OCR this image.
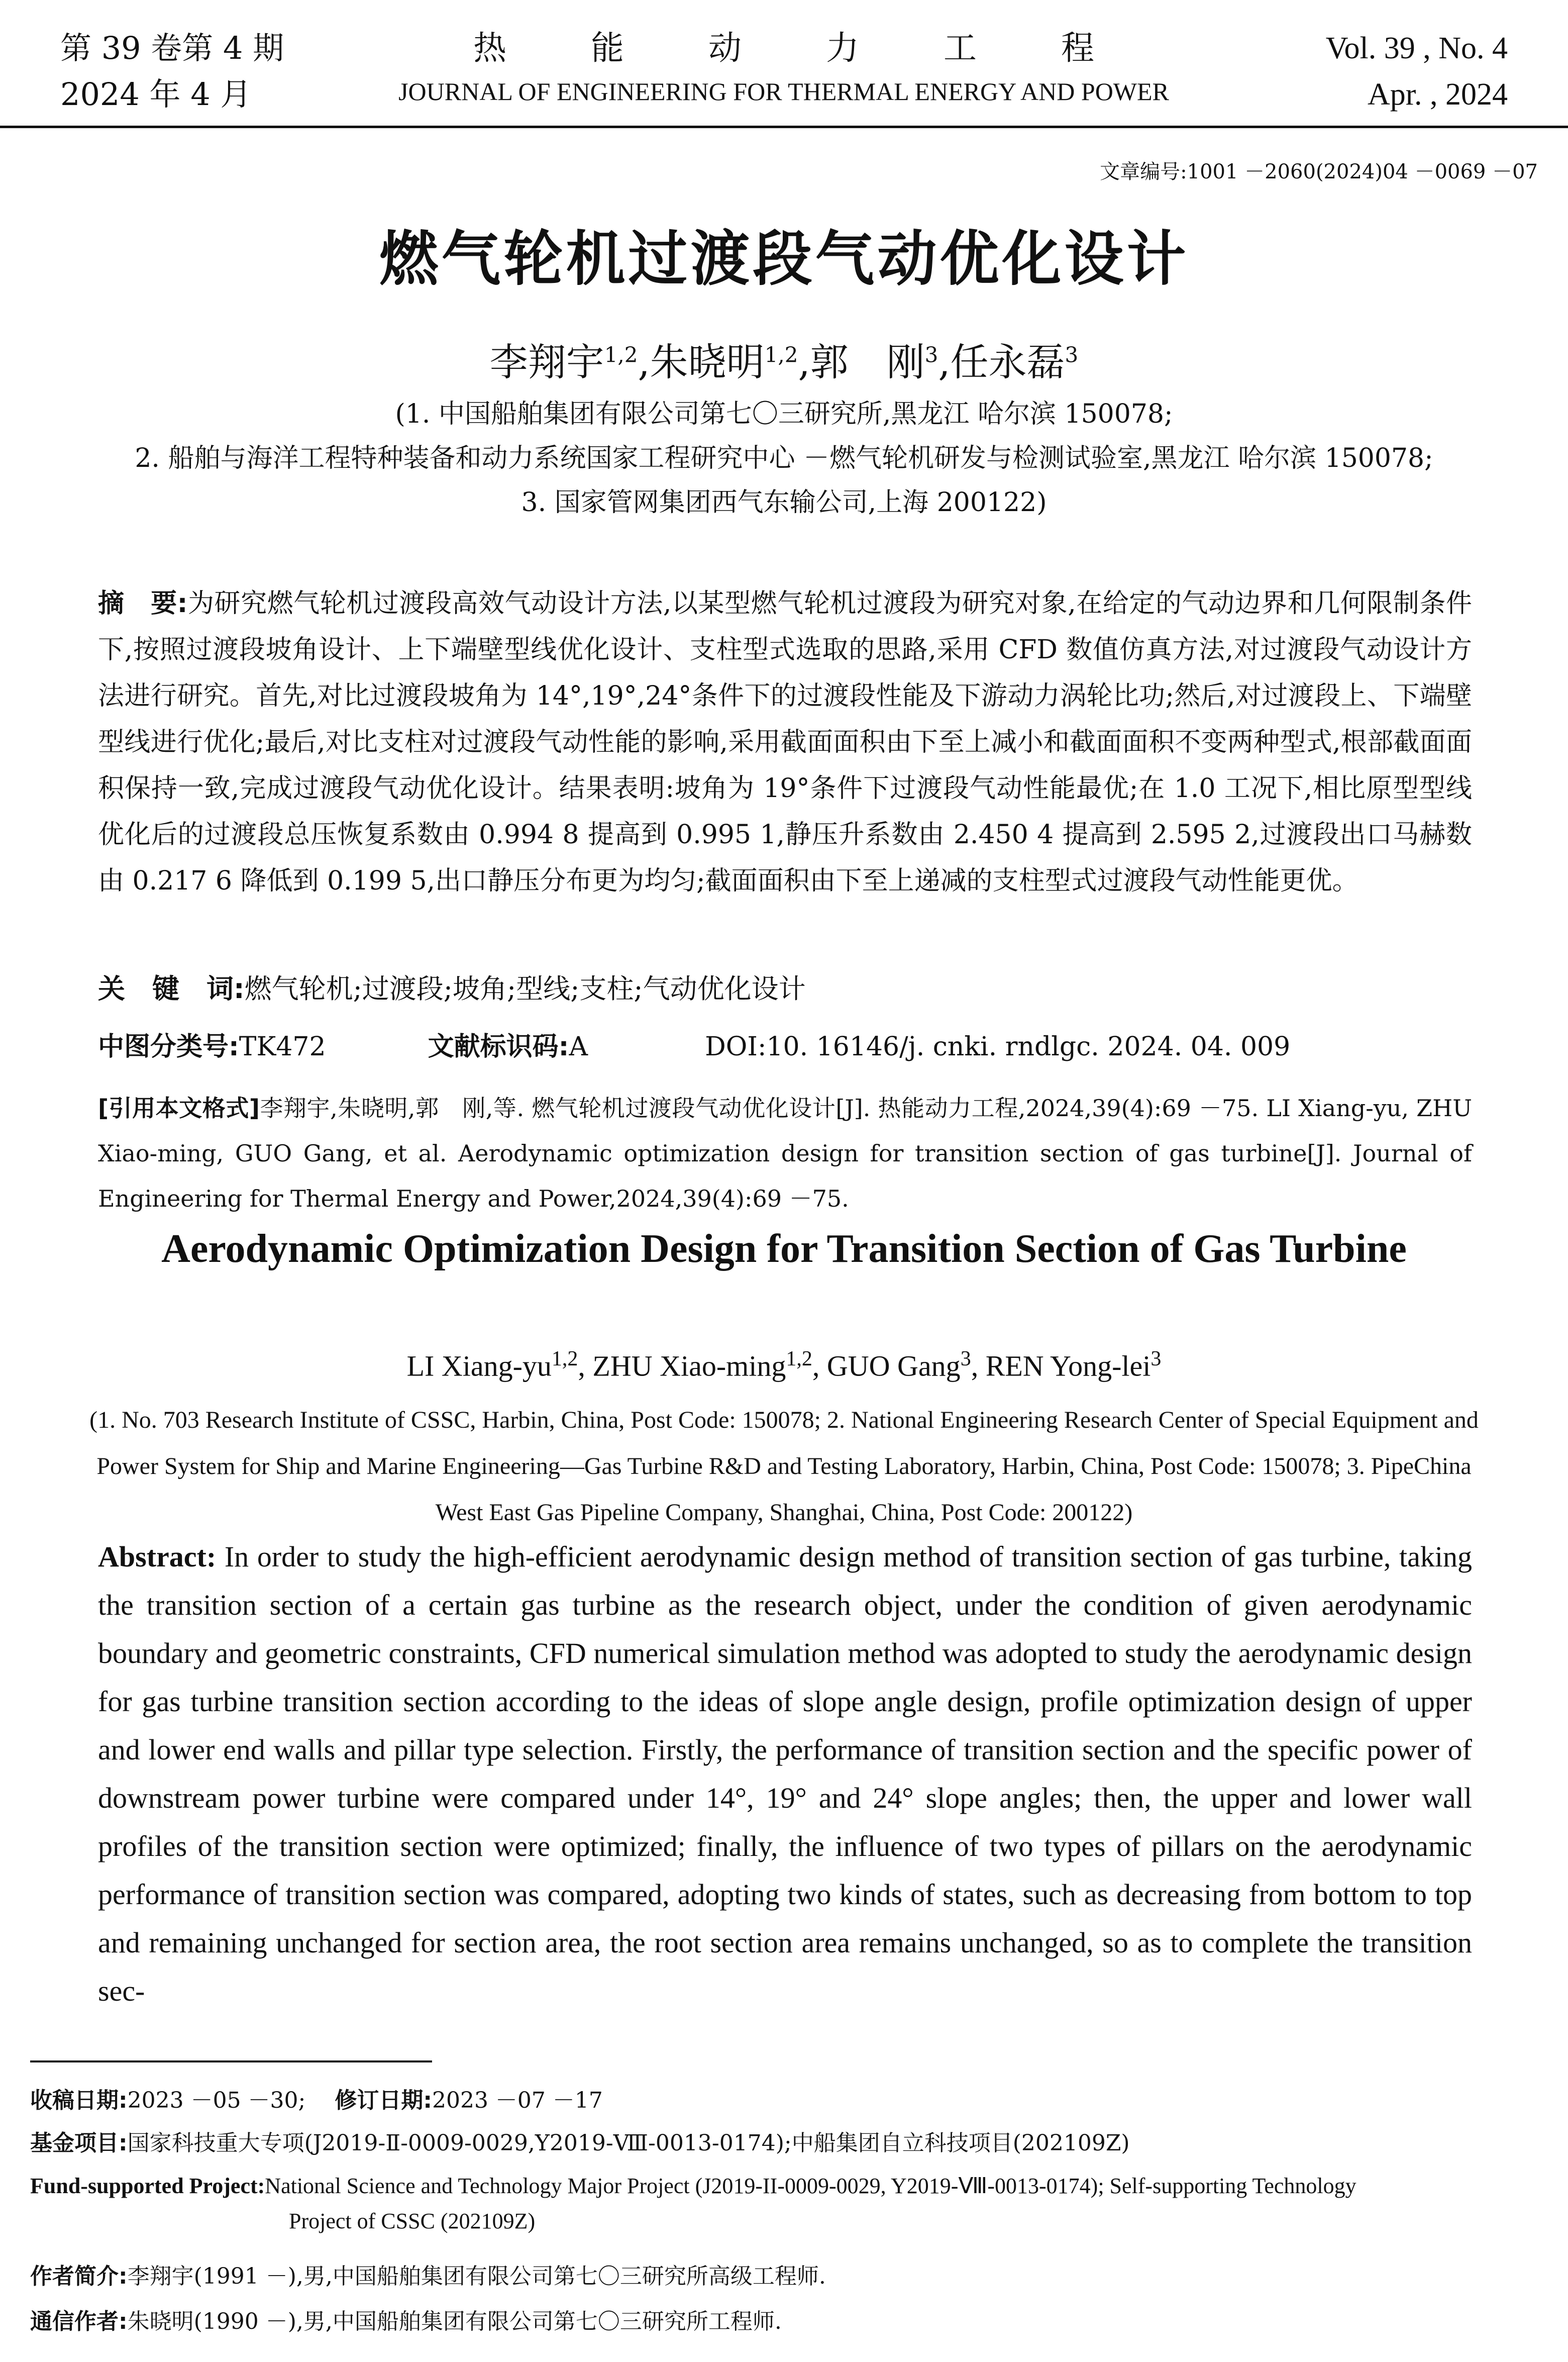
第 39 卷第 4 期
2024 年 4 月
热能动力工程
JOURNAL OF ENGINEERING FOR THERMAL ENERGY AND POWER
Vol. 39 , No. 4
Apr. , 2024
文章编号:1001 －2060(2024)04 －0069 －07
燃气轮机过渡段气动优化设计
李翔宇$^{1,2}$,朱晓明$^{1,2}$,郭　刚$^3$,任永磊$^3$
(1. 中国船舶集团有限公司第七〇三研究所,黑龙江 哈尔滨 150078;
2. 船舶与海洋工程特种装备和动力系统国家工程研究中心 －燃气轮机研发与检测试验室,黑龙江 哈尔滨 150078;
3. 国家管网集团西气东输公司,上海 200122)
摘　要:为研究燃气轮机过渡段高效气动设计方法,以某型燃气轮机过渡段为研究对象,在给定的气动边界和几何限制条件下,按照过渡段坡角设计、上下端壁型线优化设计、支柱型式选取的思路,采用 CFD 数值仿真方法,对过渡段气动设计方法进行研究。首先,对比过渡段坡角为 14°,19°,24°条件下的过渡段性能及下游动力涡轮比功;然后,对过渡段上、下端壁型线进行优化;最后,对比支柱对过渡段气动性能的影响,采用截面面积由下至上减小和截面面积不变两种型式,根部截面面积保持一致,完成过渡段气动优化设计。结果表明:坡角为 19°条件下过渡段气动性能最优;在 1.0 工况下,相比原型型线优化后的过渡段总压恢复系数由 0.994 8 提高到 0.995 1,静压升系数由 2.450 4 提高到 2.595 2,过渡段出口马赫数由 0.217 6 降低到 0.199 5,出口静压分布更为均匀;截面面积由下至上递减的支柱型式过渡段气动性能更优。
关　键　词:燃气轮机;过渡段;坡角;型线;支柱;气动优化设计
中图分类号:TK472	文献标识码:A	DOI:10. 16146/j. cnki. rndlgc. 2024. 04. 009
[引用本文格式]李翔宇,朱晓明,郭　刚,等. 燃气轮机过渡段气动优化设计[J]. 热能动力工程,2024,39(4):69 －75. LI Xiang-yu, ZHU Xiao-ming, GUO Gang, et al. Aerodynamic optimization design for transition section of gas turbine[J]. Journal of Engineering for Thermal Energy and Power,2024,39(4):69 －75.
Aerodynamic Optimization Design for Transition Section of Gas Turbine
LI Xiang-yu$^{1,2}$, ZHU Xiao-ming$^{1,2}$, GUO Gang$^3$, REN Yong-lei$^3$
(1. No. 703 Research Institute of CSSC, Harbin, China, Post Code: 150078; 2. National Engineering Research Center of Special Equipment and Power System for Ship and Marine Engineering—Gas Turbine R&D and Testing Laboratory, Harbin, China, Post Code: 150078; 3. PipeChina West East Gas Pipeline Company, Shanghai, China, Post Code: 200122)
Abstract: In order to study the high-efficient aerodynamic design method of transition section of gas turbine, taking the transition section of a certain gas turbine as the research object, under the condition of given aerodynamic boundary and geometric constraints, CFD numerical simulation method was adopted to study the aerodynamic design for gas turbine transition section according to the ideas of slope angle design, profile optimization design of upper and lower end walls and pillar type selection. Firstly, the performance of transition section and the specific power of downstream power turbine were compared under 14°, 19° and 24° slope angles; then, the upper and lower wall profiles of the transition section were optimized; finally, the influence of two types of pillars on the aerodynamic performance of transition section was compared, adopting two kinds of states, such as decreasing from bottom to top and remaining unchanged for section area, the root section area remains unchanged, so as to complete the transition sec-
收稿日期:2023 －05 －30; 修订日期:2023 －07 －17
基金项目:国家科技重大专项(J2019-Ⅱ-0009-0029,Y2019-Ⅷ-0013-0174);中船集团自立科技项目(202109Z)
Fund-supported Project:National Science and Technology Major Project (J2019-II-0009-0029, Y2019-Ⅷ-0013-0174); Self-supporting Technology
Project of CSSC (202109Z)
作者简介:李翔宇(1991 －),男,中国船舶集团有限公司第七〇三研究所高级工程师.
通信作者:朱晓明(1990 －),男,中国船舶集团有限公司第七〇三研究所工程师.
